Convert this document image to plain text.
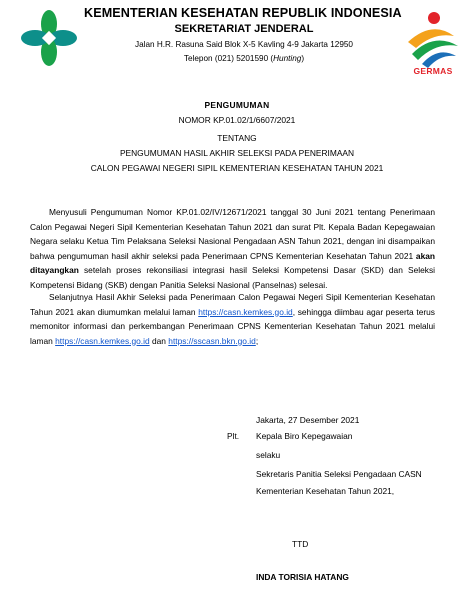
KEMENTERIAN KESEHATAN REPUBLIK INDONESIA
SEKRETARIAT JENDERAL
Jalan H.R. Rasuna Said Blok X-5 Kavling 4-9 Jakarta 12950
Telepon (021) 5201590 (Hunting)
GERMAS
PENGUMUMAN
NOMOR KP.01.02/1/6607/2021
TENTANG
PENGUMUMAN HASIL AKHIR SELEKSI PADA PENERIMAAN
CALON PEGAWAI NEGERI SIPIL KEMENTERIAN KESEHATAN TAHUN 2021

Menyusuli Pengumuman Nomor KP.01.02/IV/12671/2021 tanggal 30 Juni 2021 tentang Penerimaan Calon Pegawai Negeri Sipil Kementerian Kesehatan Tahun 2021 dan surat Plt. Kepala Badan Kepegawaian Negara selaku Ketua Tim Pelaksana Seleksi Nasional Pengadaan ASN Tahun 2021, dengan ini disampaikan bahwa pengumuman hasil akhir seleksi pada Penerimaan CPNS Kementerian Kesehatan Tahun 2021 akan ditayangkan setelah proses rekonsiliasi integrasi hasil Seleksi Kompetensi Dasar (SKD) dan Seleksi Kompetensi Bidang (SKB) dengan Panitia Seleksi Nasional (Panselnas) selesai.

Selanjutnya Hasil Akhir Seleksi pada Penerimaan Calon Pegawai Negeri Sipil Kementerian Kesehatan Tahun 2021 akan diumumkan melalui laman https://casn.kemkes.go.id, sehingga diimbau agar peserta terus memonitor informasi dan perkembangan Penerimaan CPNS Kementerian Kesehatan Tahun 2021 melalui laman https://casn.kemkes.go.id dan https://sscasn.bkn.go.id;

Jakarta, 27 Desember 2021
Plt. Kepala Biro Kepegawaian
selaku
Sekretaris Panitia Seleksi Pengadaan CASN
Kementerian Kesehatan Tahun 2021,
TTD
INDA TORISIA HATANG
